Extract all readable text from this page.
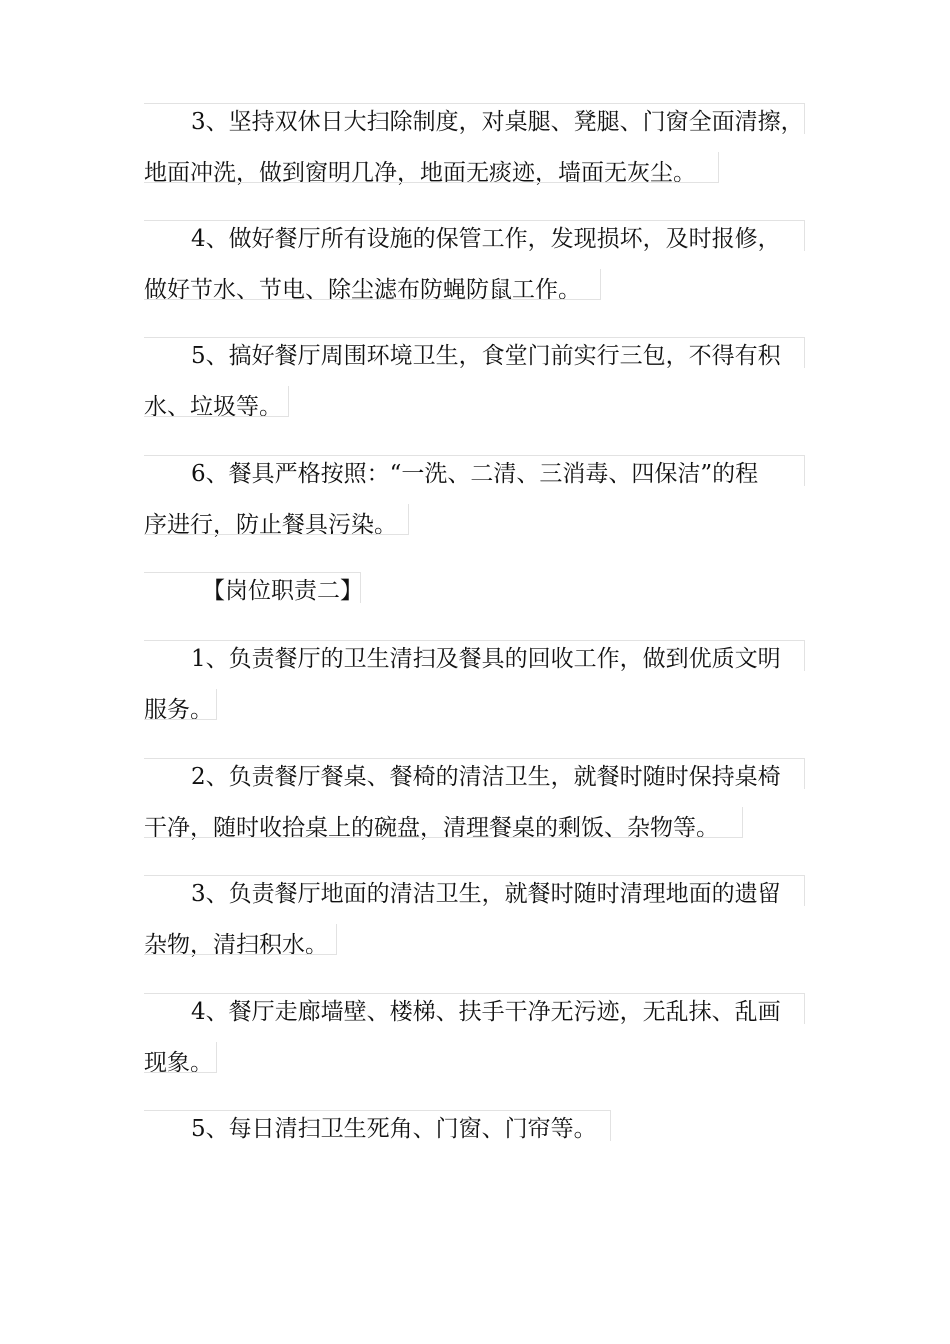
3、坚持双休日大扫除制度，对桌腿、凳腿、门窗全面清擦，
地面冲洗，做到窗明几净，地面无痰迹，墙面无灰尘。
4、做好餐厅所有设施的保管工作，发现损坏，及时报修，
做好节水、节电、除尘滤布防蝇防鼠工作。
5、搞好餐厅周围环境卫生，食堂门前实行三包，不得有积
水、垃圾等。
6、餐具严格按照：“一洗、二清、三消毒、四保洁”的程
序进行，防止餐具污染。
【岗位职责二】
1、负责餐厅的卫生清扫及餐具的回收工作，做到优质文明
服务。
2、负责餐厅餐桌、餐椅的清洁卫生，就餐时随时保持桌椅
干净，随时收拾桌上的碗盘，清理餐桌的剩饭、杂物等。
3、负责餐厅地面的清洁卫生，就餐时随时清理地面的遗留
杂物，清扫积水。
4、餐厅走廊墙壁、楼梯、扶手干净无污迹，无乱抹、乱画
现象。
5、每日清扫卫生死角、门窗、门帘等。
